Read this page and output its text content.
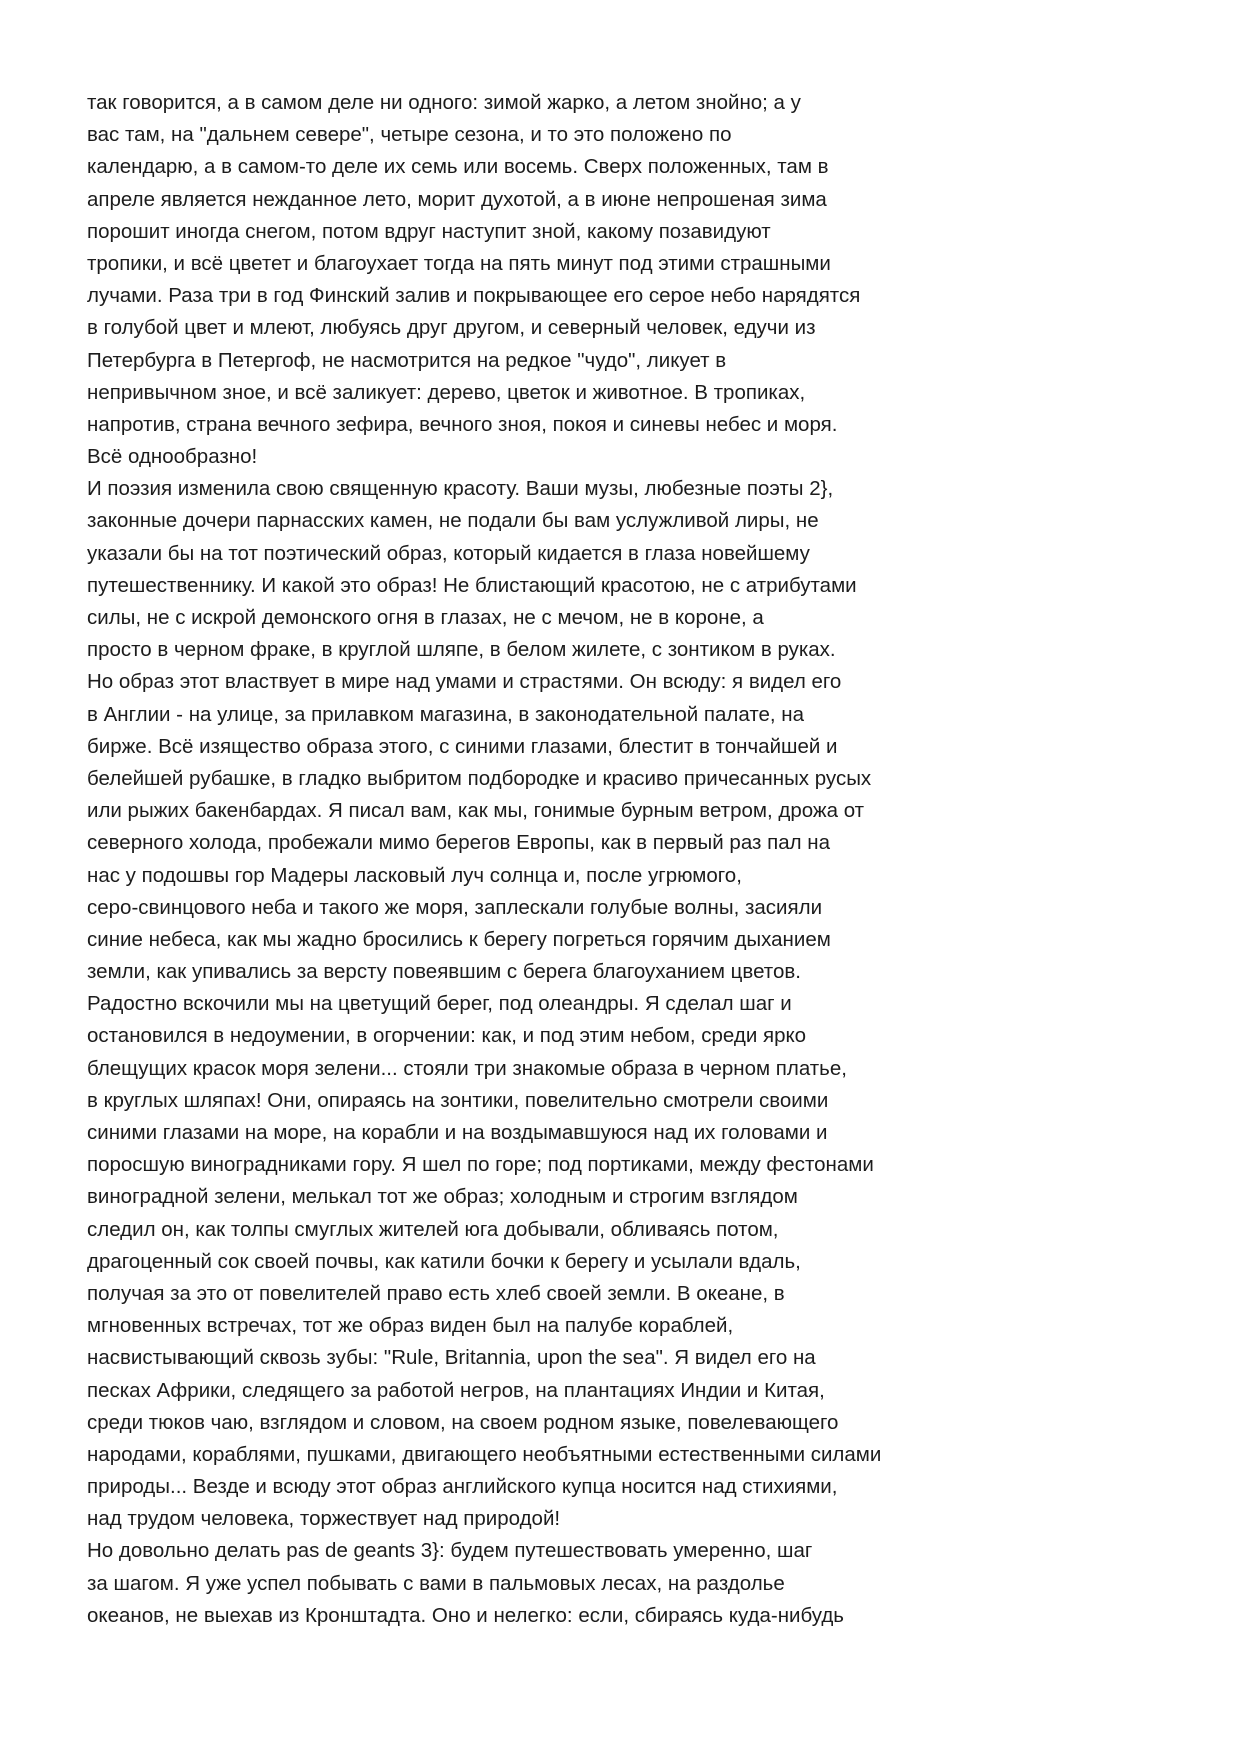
так говорится, а в самом деле ни одного: зимой жарко, а летом знойно; а у
вас там, на "дальнем севере", четыре сезона, и то это положено по
календарю, а в самом-то деле их семь или восемь. Сверх положенных, там в
апреле является нежданное лето, морит духотой, а в июне непрошеная зима
порошит иногда снегом, потом вдруг наступит зной, какому позавидуют
тропики, и всё цветет и благоухает тогда на пять минут под этими страшными
лучами. Раза три в год Финский залив и покрывающее его серое небо нарядятся
в голубой цвет и млеют, любуясь друг другом, и северный человек, едучи из
Петербурга в Петергоф, не насмотрится на редкое "чудо", ликует в
непривычном зное, и всё заликует: дерево, цветок и животное. В тропиках,
напротив, страна вечного зефира, вечного зноя, покоя и синевы небес и моря.
Всё однообразно!
И поэзия изменила свою священную красоту. Ваши музы, любезные поэты 2},
законные дочери парнасских камен, не подали бы вам услужливой лиры, не
указали бы на тот поэтический образ, который кидается в глаза новейшему
путешественнику. И какой это образ! Не блистающий красотою, не с атрибутами
силы, не с искрой демонского огня в глазах, не с мечом, не в короне, а
просто в черном фраке, в круглой шляпе, в белом жилете, с зонтиком в руках.
Но образ этот властвует в мире над умами и страстями. Он всюду: я видел его
в Англии - на улице, за прилавком магазина, в законодательной палате, на
бирже. Всё изящество образа этого, с синими глазами, блестит в тончайшей и
белейшей рубашке, в гладко выбритом подбородке и красиво причесанных русых
или рыжих бакенбардах. Я писал вам, как мы, гонимые бурным ветром, дрожа от
северного холода, пробежали мимо берегов Европы, как в первый раз пал на
нас у подошвы гор Мадеры ласковый луч солнца и, после угрюмого,
серо-свинцового неба и такого же моря, заплескали голубые волны, засияли
синие небеса, как мы жадно бросились к берегу погреться горячим дыханием
земли, как упивались за версту повеявшим с берега благоуханием цветов.
Радостно вскочили мы на цветущий берег, под олеандры. Я сделал шаг и
остановился в недоумении, в огорчении: как, и под этим небом, среди ярко
блещущих красок моря зелени... стояли три знакомые образа в черном платье,
в круглых шляпах! Они, опираясь на зонтики, повелительно смотрели своими
синими глазами на море, на корабли и на воздымавшуюся над их головами и
поросшую виноградниками гору. Я шел по горе; под портиками, между фестонами
виноградной зелени, мелькал тот же образ; холодным и строгим взглядом
следил он, как толпы смуглых жителей юга добывали, обливаясь потом,
драгоценный сок своей почвы, как катили бочки к берегу и усылали вдаль,
получая за это от повелителей право есть хлеб своей земли. В океане, в
мгновенных встречах, тот же образ виден был на палубе кораблей,
насвистывающий сквозь зубы: "Rule, Britannia, upon the sea". Я видел его на
песках Африки, следящего за работой негров, на плантациях Индии и Китая,
среди тюков чаю, взглядом и словом, на своем родном языке, повелевающего
народами, кораблями, пушками, двигающего необъятными естественными силами
природы... Везде и всюду этот образ английского купца носится над стихиями,
над трудом человека, торжествует над природой!
Но довольно делать pas de geants 3}: будем путешествовать умеренно, шаг
за шагом. Я уже успел побывать с вами в пальмовых лесах, на раздолье
океанов, не выехав из Кронштадта. Оно и нелегко: если, сбираясь куда-нибудь
